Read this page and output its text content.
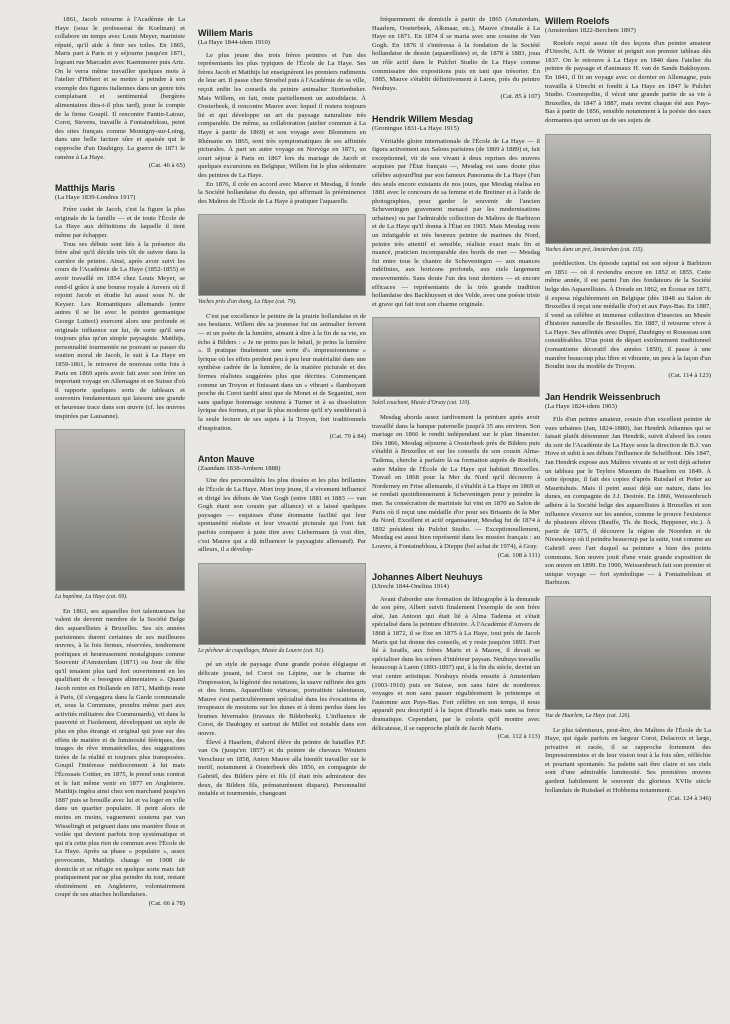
1861, Jacob retourne à l'Académie de La Haye (sous le professorat de Koelman) et collabore un temps avec Louis Meyer, mariniste réputé, qu'il aide à finir ses toiles. En 1865, Maris part à Paris et y séjourne jusqu'en 1871, logeant rue Marcadet avec Kaemmerer puis Artz. On le verra même travailler quelques mois à l'atelier d'Hébert et se mettre à peindre à son exemple des figures italiennes dans un genre très complaisant et sentimental (bergères alimentaires dira-t-il plus tard), pour le compte de la firme Goupil. Il rencontre Fantin-Latour, Corot, Stevens, travaille à Fontainebleau, peint des sites français comme Montigny-sur-Loing, dans une belle facture sûre et apaisée qui le rapproche d'un Daubigny. La guerre de 1871 le ramène à La Haye.

(Cat. 46 à 65)
Matthijs Maris
(La Haye 1839-Londres 1917)

Frère cadet de Jacob, c'est la figure la plus originale de la famille — et de toute l'École de La Haye aux définitions de laquelle il tient même par échapper.

Tous ses débuts sont liés à la présence du frère aîné qu'il décide très tôt de suivre dans la carrière de peintre. Ainsi, après avoir suivi les cours de l'Académie de La Haye (1852-1855) et avoir travaillé en 1854 chez Louis Meyer, se rend-il grâce à une bourse royale à Anvers où il rejoint Jacob et étudie lui aussi sous N. de Keyser. Les Romantiques allemands (entre autres il se lie avec le peintre germanique George Lutteci) exercent alors une profonde et originale influence sur lui, de sorte qu'il sera toujours plus qu'un simple paysagiste. Matthijs, personnalité tourmentée ne pouvant se passer du soutien moral de Jacob, le suit à La Haye en 1859-1861, le retrouve de nouveau cette fois à Paris en 1869 après avoir fait avec son frère un important voyage en Allemagne et en Suisse d'où il rapporte quelques sorts de tableaux et souvenirs fondamentaux qui laissent une grande et heureuse trace dans son œuvre (cf. les œuvres inspirées par Lausanne).

La baptême, La Haye (cat. 69).

En 1863, ses aquarelles fort talentueuses lui valent de devenir membre de la Société Belge des aquarellistes à Bruxelles. Ses six années parisiennes durent certaines de ses meilleures œuvres, à la fois fermes, réservées, tendrement poétiques et heureusement nostalgiques comme Souvenir d'Amsterdam (1871) ou Jour de fête qu'il tenaient plus tard fort ouvertement en les qualifiant de « besognes alimentaires ». Quand Jacob rentre en Hollande en 1871, Matthijs reste à Paris, (il s'engagera dans la Garde communale et, sous la Commune, prendra même part aux activités militaires des Communards), vit dans la pauvreté et l'isolement, développant un style de plus en plus étrange et original qui joue sur des effets de matière et de luminosité féériques, des images de rêve immatérielles, des suggestions tirées de la réalité et toujours plus transposées. Goupil l'intéresse médiocrement à lui mais l'Écossais Cottier, en 1875, le prend sous contrat et le fait même venir en 1877 en Angleterre. Matthijs ingéra ainsi chez son marchand jusqu'en 1887 puis se brouille avec lui et va loger en ville dans un quartier populaire. Il peint alors de moins en moins, vaguement soutenu par van Wisselingh et peignant dans une manière floue et voilée qui devient parfois trop systématique et qui n'a cette plus rien de commun avec l'École de La Haye. Après sa phase « populaire », assez provocante, Matthijs change en 1908 de domicile et se réfugie en quelque sorte mais fait pratiquement par ne plus peindre du tout, restant obstinément en Angleterre, volontairement coupé de ses attaches hollandaises.

(Cat. 66 à 78)
Willem Maris
(La Haye 1844-idem 1910)

Le plus jeune des trois frères peintres et l'un des représentants les plus typiques de l'École de La Haye. Ses frères Jacob et Matthijs lui enseignèrent les premiers rudiments de leur art. Il passe chez Stroebel puis à l'Académie de sa ville, reçoit enfin les conseils du peintre animalier Stortenbeker. Mais Willem, en fait, reste partiellement un autodidacte. À Oosterbeek, il rencontre Mauve avec lequel il restera toujours lié et qui développe un art du paysage naturaliste très comparable. De même, sa collaboration (atelier commun à La Haye à partir de 1869) et son voyage avec Blommers en Rhénanie en 1865, sont très symptomatiques de ses affinités picturales. À part un autre voyage en Norvège en 1871, un court séjour à Paris en 1867 lors du mariage de Jacob et quelques excursions en Belgique, Willem fut le plus sédentaire des peintres de La Haye.

En 1876, il crée en accord avec Mauve et Mesdag, il fonde la Société hollandaise du dessin, qui affirmait la prééminence des Maîtres de l'École de La Haye à pratiquer l'aquarelle.

Vaches près d'un étang, La Haye (cat. 79).

C'est par excellence le peintre de la prairie hollandaise et de ses bestiaux. Willem dès sa jeunesse fut un animalier fervent — et un poète de la lumière, aimant à dire à la fin de sa vie, en écho à Bilders : « Je ne peins pas le bétail, je peins la lumière ». Il pratique finalement une sorte d'« impressionnisme » lyrique où les effets perdent peu à peu leur matérialité dans une synthèse cadrée de la lumière, de la matière picturale et des formes réalistes suggérées plus que décrites. Commençant comme un Troyon et finissant dans un « vibrant » flamboyant proche du Corot tardif ainsi que de Monet et de Segantini, non sans quelque hommage soutenu à Turner et à sa dissolution lyrique des formes, et par là plus moderne qu'il n'y semblerait à la seule lecture de ses sujets à la Troyon, fort traditionnels d'inspiration.

(Cat. 79 à 84)
Anton Mauve
(Zaandam 1838-Arnhem 1888)

Une des personnalités les plus douées et les plus brillantes de l'École de La Haye. Mort trop jeune, il a vivement influencé et dirigé les débuts de Van Gogh (entre 1881 et 1883 — van Gogh étant son cousin par alliance) et a laissé quelques paysages — esquisses d'une étonnante facilité qui leur spontanéité réaliste et leur vivacité picturale qui l'ont fait parfois comparer à juste titre avec Liebermann (à vrai dire, c'est Mauve qui a dû influencer le paysagiste allemand). Par ailleurs, il a dévelop-

Le pêcheur de coquillages, Musée du Louvre (cat. 91).

pé un style de paysage d'une grande poésie élégiaque et délicate jouant, tel Corot ou Lépine, sur le charme de l'impression, la légèreté des notations, la suave raffinée des gris et des bruns. Aquarelliste virtuose, portraitiste talentueux, Mauve s'est particulièrement spécialisé dans les évocations de troupeaux de moutons sur les dunes et à demi perdus dans les brumes hivernales (travaux de Bilderbeek). L'influence de Corot, de Daubigny et surtout de Millet est notable dans son œuvre.

Élevé à Haarlem, d'abord élève du peintre de batailles P.F. van Os (jusqu'en 1857) et du peintre de chevaux Wouters Verschuur en 1858, Anton Mauve alla bientôt travailler sur le motif, notamment à Oosterbeek dès 1856, en compagnie de Gabriël, des Bilders père et fils (il était très admirateur des deux, de Bilders fils, prématurément disparu). Personnalité instable et tourmentée, changeant

fréquemment de domicile à partir de 1865 (Amsterdam, Haarlem, Oosterbeek, Alkmaar, etc.), Mauve s'installe à La Haye en 1871. En 1874 il se maria avec une cousine de Van Gogh. En 1876 il s'intéressa à la fondation de la Société hollandaise de dessin (aquarellistes) et, de 1878 à 1883, joua un rôle actif dans le Pulchri Studio de La Haye comme commissaire des expositions puis en tant que trésorier. En 1885, Mauve s'établit définitivement à Laren, près du peintre Neuhuys.

(Cat. 85 à 107)
Hendrik Willem Mesdag
(Groningue 1831-La Haye 1915)

Véritable gloire internationale de l'École de La Haye — il figura activement aux Salons parisiens (de 1869 à 1889) et, fait exceptionnel, vit de son vivant à deux reprises des œuvres acquises par l'État français —, Mesdag est sans doute plus célèbre aujourd'hui par son fameux Panorama de La Haye (l'un des seuls encore existants de nos jours, que Mesdag réalisa en 1881 avec le concours de sa femme et de Breitner et à l'aide de photographies, pour garder le souvenir de l'ancien Scheveningen gravement menacé par les modernisations urbaines) ou par l'admirable collection de Maîtres de Barbizon et de La Haye qu'il donna à l'État en 1903. Mais Mesdag reste un infatigable et très heureux peintre de marines du Nord, peintre très attentif et sensible, réaliste exact mais fin et nuancé, praticien incomparable des bords de mer — Mesdag fut entre tous le chantre de Scheveningen — aux nuances indéfinies, aux horizons profonds, aux ciels largement mouvementés. Sans doute l'un des tout derniers — et encore efficaces — représentants de la très grande tradition hollandaise des Backhuysen et des Velde, avec une poésie triste et grave qui fait tout son charme originale.

Soleil couchant, Musée d'Orsay (cat. 110).

Mesdag aborda assez tardivement la peinture après avoir travaillé dans la banque paternelle jusqu'à 35 ans environ. Son mariage en 1866 le rendit indépendant sur le plan financier. Dès 1866, Mesdag séjourne à Oosterbeek près de Bilders puis s'établit à Bruxelles et sur les conseils de son cousin Alma-Tadema, cherche à parfaire là sa formation auprès de Roelofs, autre Maître de l'École de La Haye qui habitait Bruxelles. Travail en 1868 pour la Mer du Nord qu'il découvre à Norderney en Frise allemande, il s'établit à La Haye en 1869 et se rendait quotidiennement à Scheveningen pour y peindre la mer. Sa consécration de mariniste lui vint en 1870 au Salon de Paris où il reçut une médaille d'or pour ses Brisants de la Mer du Nord. Excellent et actif organisateur, Mesdag fut de 1874 à 1892 président du Pulchri Studio. — Exceptionnellement, Mesdag est aussi bien représenté dans les musées français : au Louvre, à Fontainebleau, à Dieppe (bel achat de 1974), à Gray.

(Cat. 108 à 111)
Johannes Albert Neuhuys
(Utrecht 1844-Onelina 1914)

Avant d'aborder une formation de lithographe à la demande de son père, Albert suivit finalement l'exemple de son frère aîné, Jan Antoon qui était lié à Alma Tadema et s'était spécialisé dans la peinture d'histoire. À l'Académie d'Anvers de 1868 à 1872, il se fixe en 1875 à La Haye, tout près de Jacob Maris qui lui donne des conseils, et y reste jusqu'en 1893. Fort lié à Israëls, aux frères Maris et à Mauve, il devait se spécialiser dans les scènes d'intérieur paysan. Neuhuys travailla beaucoup à Laren (1893-1897) qui, à la fin du siècle, devint un vrai centre artistique. Neuhuys résida ensuite à Amsterdam (1903-1910) puis en Suisse, son sans faire de nombreux voyages et non sans passer régulièrement le printemps et l'automne aux Pays-Bas. Fort célèbre en son temps, il nous apparaît peu descriptif à la façon d'Israëls mais sans sa force dramatique. Cependant, par le coloris qu'il montre avec délicatesse, il se rapproche plutôt de Jacob Maris.

(Cat. 112 à 113)
Willem Roelofs
(Amsterdam 1822-Berchem 1897)

Roelofs reçut assez tôt des leçons d'un peintre amateur d'Utrecht, A.H. de Winter et peignit son premier tableau dès 1837. On le retrouve à La Haye en 1840 dans l'atelier du peintre de paysage et d'animaux H. van de Sande Bakhuyzen. En 1841, il fit un voyage avec ce dernier en Allemagne, puis travailla à Utrecht et fondit à La Haye en 1847 le Pulchri Studio. Cosmopolite, il vécut une grande partie de sa vie à Bruxelles, de 1847 à 1887, mais revint chaque été aux Pays-Bas à partir de 1856, sensible notamment à la poésie des eaux dormantes qui seront un de ses sujets de

Vaches dans un pré, Amsterdam (cat. 115).

prédilection. Un épisode capital est son séjour à Barbizon en 1851 — où il reviendra encore en 1852 et 1855. Cette même année, il est parmi l'un des fondateurs de la Société belge des Aquarellistes. À Dresde en 1862, en Écosse en 1873, il exposa régulièrement en Belgique (dès 1848 au Salon de Bruxelles il reçut une médaille d'or) et aux Pays-Bas. En 1887, il vend sa célèbre et immense collection d'insectes au Musée d'histoire naturelle de Bruxelles. En 1887, il retourne vivre à La Haye. Ses affinités avec Dupré, Daubigny et Rousseau sont considérables. D'un point de départ extrêmement traditionnel (romantisme décoratif des années 1850), il passe à une manière beaucoup plus libre et vibrante, un peu à la façon d'un Boudin issu du modèle de Troyon.

(Cat. 114 à 123)
Jan Hendrik Weissenbruch
(La Haye 1824-idem 1903)

Fils d'un peintre amateur, cousin d'un excellent peintre de vues urbaines (Jan, 1824-1880), Jan Hendrik Johannes qui se faisait plutôt dénommer Jan Hendrik, suivit d'abord les cours du soir de l'Académie de La Haye sous la direction de B.J. van Hove et subit à ses débuts l'influence de Schelfhout. Dès 1847, Jan Hendrik expose aux Maîtres vivants et se voit déjà acheter un tableau par le Teylers Museum de Haarlem en 1849. À cette époque, il fait des copies d'après Ruisdael et Potter au Mauritshuis. Mais il peint aussi déjà sur nature, dans les dunes, en compagnie de J.J. Destrée. En 1866, Weissenbruch adhère à la Société belge des aquarellistes à Bruxelles et son influence s'exerce sur les années, comme le prouve l'existence de plusieurs élèves (Bauffe, Th. de Bock, Heppener, etc.). À partir de 1875, il découvre la région de Noorden et de Nieuwkoop où il peindra beaucoup par la suite, tout comme au Gabriël avec l'art duquel sa peinture a bien des points communs. Son œuvre jouit d'une vraie grande exposition de son œuvre en 1899. En 1900, Weissenbruch fait son premier et unique voyage — fort symbolique — à Fontainebleau et Barbizon.

Vue de Haarlem, La Haye (cat. 126).

Le plus talentueux, peut-être, des Maîtres de l'École de La Haye, qui égale parfois en largeur Corot, Delacroix et large, privative et racée, il se rapproche fortement des Impressionnistes et de leur vision tout à la fois sûre, réfléchie et pourtant spontanée. Sa palette sait être claire et ses ciels sont d'une admirable luminosité. Ses premières œuvres gardent habilement le souvenir du glorieux XVIIe siècle hollandais de Ruisdael et Hobbema notamment.

(Cat. 124 à 346)
